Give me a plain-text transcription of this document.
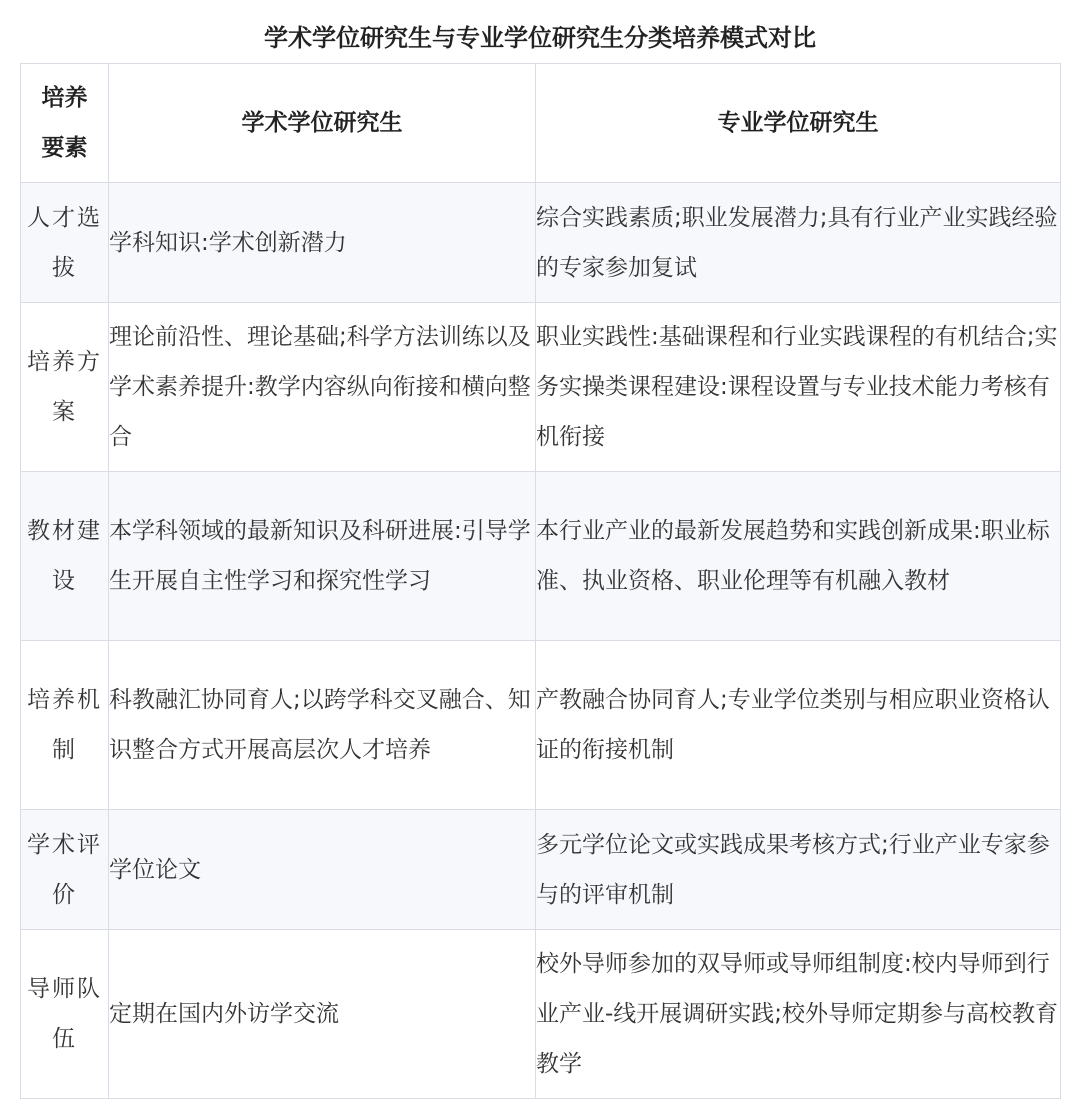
学术学位研究生与专业学位研究生分类培养模式对比
培养
要素	学术学位研究生	专业学位研究生
人才选拔	学科知识:学术创新潜力	综合实践素质;职业发展潜力;具有行业产业实践经验的专家参加复试
培养方案	理论前沿性、理论基础;科学方法训练以及学术素养提升:教学内容纵向衔接和横向整合	职业实践性:基础课程和行业实践课程的有机结合;实务实操类课程建设:课程设置与专业技术能力考核有机衔接
教材建设	本学科领域的最新知识及科研进展:引导学生开展自主性学习和探究性学习	本行业产业的最新发展趋势和实践创新成果:职业标准、执业资格、职业伦理等有机融入教材
培养机制	科教融汇协同育人;以跨学科交叉融合、知识整合方式开展高层次人才培养	产教融合协同育人;专业学位类别与相应职业资格认证的衔接机制
学术评价	学位论文	多元学位论文或实践成果考核方式;行业产业专家参与的评审机制
导师队伍	定期在国内外访学交流	校外导师参加的双导师或导师组制度:校内导师到行业产业-线开展调研实践;校外导师定期参与高校教育教学
